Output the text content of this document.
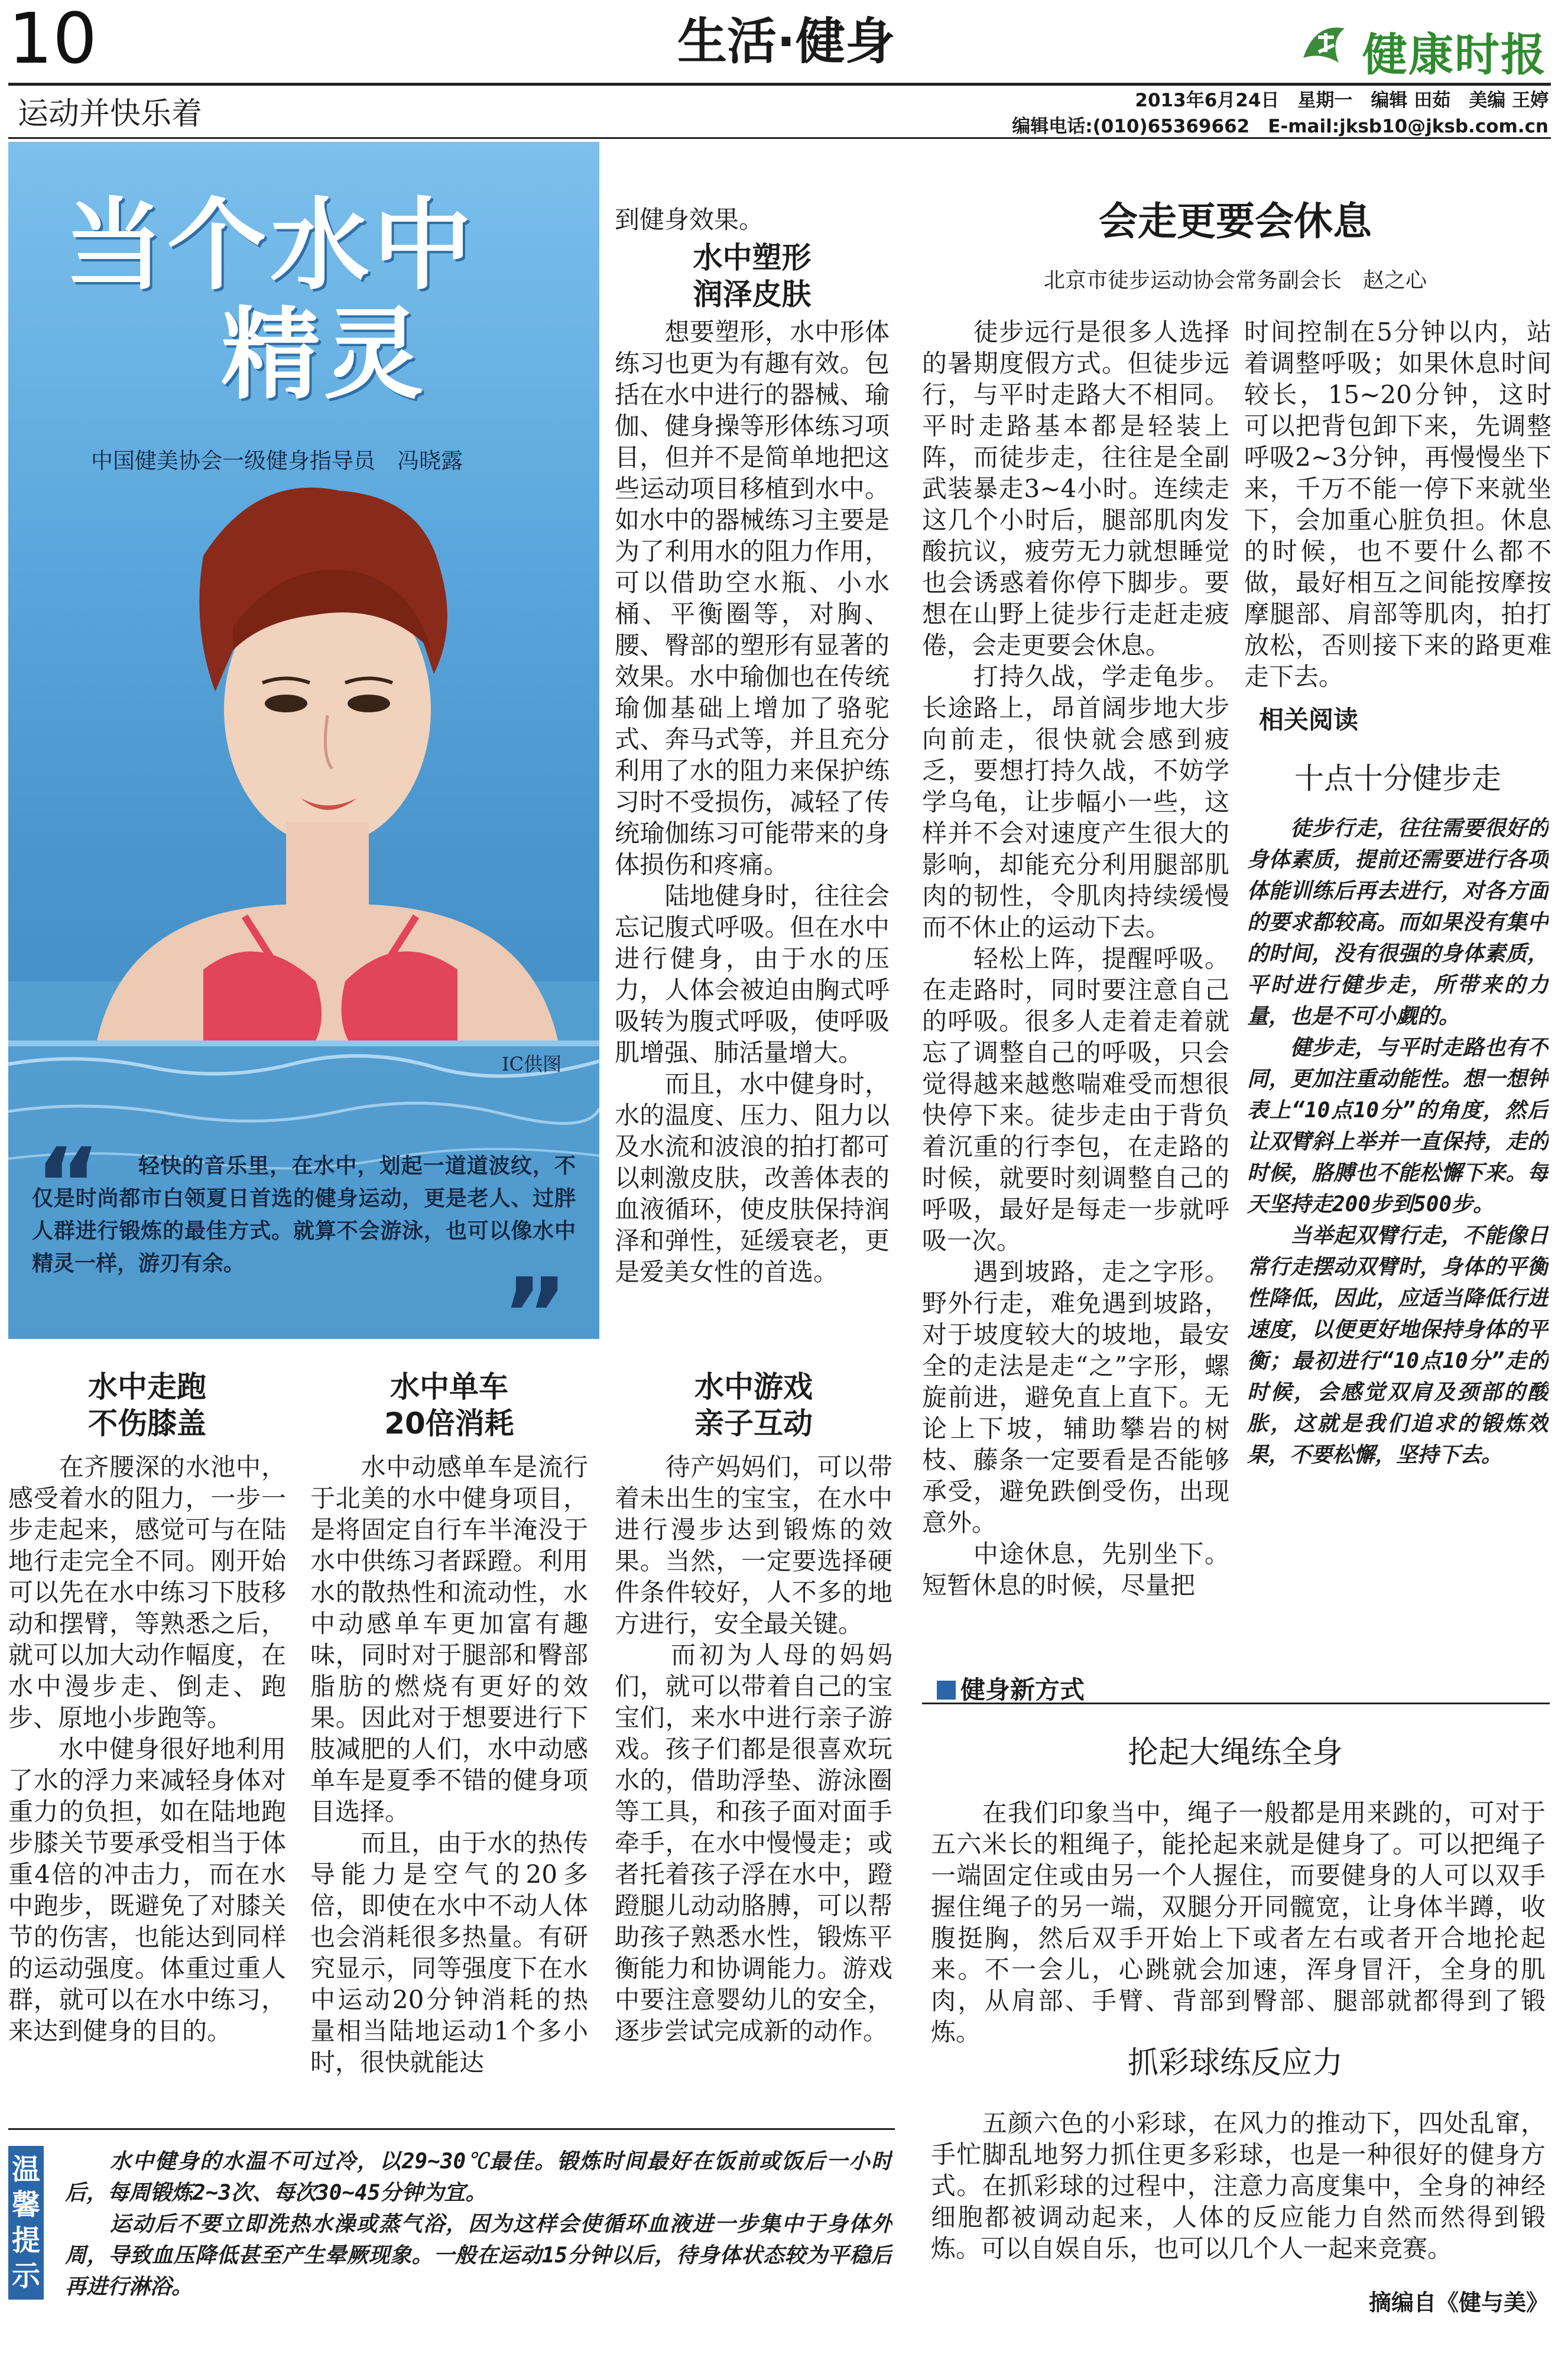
10	生活·健身	健康时报
运动并快乐着	2013年6月24日　星期一　编辑 田茹　美编 王婷
编辑电话:(010)65369662　E-mail:jksb10@jksb.com.cn
当个水中
精灵
中国健美协会一级健身指导员　冯晓露
IC供图
“	轻快的音乐里，在水中，划起一道道波纹，不仅是时尚都市白领夏日首选的健身运动，更是老人、过胖人群进行锻炼的最佳方式。就算不会游泳，也可以像水中精灵一样，游刃有余。	”
到健身效果。
水中塑形
润泽皮肤
　　想要塑形，水中形体练习也更为有趣有效。包括在水中进行的器械、瑜伽、健身操等形体练习项目，但并不是简单地把这些运动项目移植到水中。如水中的器械练习主要是为了利用水的阻力作用，可以借助空水瓶、小水桶、平衡圈等，对胸、腰、臀部的塑形有显著的效果。水中瑜伽也在传统瑜伽基础上增加了骆驼式、奔马式等，并且充分利用了水的阻力来保护练习时不受损伤，减轻了传统瑜伽练习可能带来的身体损伤和疼痛。
　　陆地健身时，往往会忘记腹式呼吸。但在水中进行健身，由于水的压力，人体会被迫由胸式呼吸转为腹式呼吸，使呼吸肌增强、肺活量增大。
　　而且，水中健身时，水的温度、压力、阻力以及水流和波浪的拍打都可以刺激皮肤，改善体表的血液循环，使皮肤保持润泽和弹性，延缓衰老，更是爱美女性的首选。
水中走跑
不伤膝盖
　　在齐腰深的水池中，感受着水的阻力，一步一步走起来，感觉可与在陆地行走完全不同。刚开始可以先在水中练习下肢移动和摆臂，等熟悉之后，就可以加大动作幅度，在水中漫步走、倒走、跑步、原地小步跑等。
　　水中健身很好地利用了水的浮力来减轻身体对重力的负担，如在陆地跑步膝关节要承受相当于体重4倍的冲击力，而在水中跑步，既避免了对膝关节的伤害，也能达到同样的运动强度。体重过重人群，就可以在水中练习，来达到健身的目的。
水中单车
20倍消耗
　　水中动感单车是流行于北美的水中健身项目，是将固定自行车半淹没于水中供练习者踩蹬。利用水的散热性和流动性，水中动感单车更加富有趣味，同时对于腿部和臀部脂肪的燃烧有更好的效果。因此对于想要进行下肢减肥的人们，水中动感单车是夏季不错的健身项目选择。
　　而且，由于水的热传导能力是空气的20多倍，即使在水中不动人体也会消耗很多热量。有研究显示，同等强度下在水中运动20分钟消耗的热量相当陆地运动1个多小时，很快就能达
水中游戏
亲子互动
　　待产妈妈们，可以带着未出生的宝宝，在水中进行漫步达到锻炼的效果。当然，一定要选择硬件条件较好，人不多的地方进行，安全最关键。
　　而初为人母的妈妈们，就可以带着自己的宝宝们，来水中进行亲子游戏。孩子们都是很喜欢玩水的，借助浮垫、游泳圈等工具，和孩子面对面手牵手，在水中慢慢走；或者托着孩子浮在水中，蹬蹬腿儿动动胳膊，可以帮助孩子熟悉水性，锻炼平衡能力和协调能力。游戏中要注意婴幼儿的安全，逐步尝试完成新的动作。
温馨提示
　　水中健身的水温不可过冷，以29~30℃最佳。锻炼时间最好在饭前或饭后一小时后，每周锻炼2~3次、每次30~45分钟为宜。
　　运动后不要立即洗热水澡或蒸气浴，因为这样会使循环血液进一步集中于身体外周，导致血压降低甚至产生晕厥现象。一般在运动15分钟以后，待身体状态较为平稳后再进行淋浴。
会走更要会休息
北京市徒步运动协会常务副会长　赵之心
　　徒步远行是很多人选择的暑期度假方式。但徒步远行，与平时走路大不相同。平时走路基本都是轻装上阵，而徒步走，往往是全副武装暴走3~4小时。连续走这几个小时后，腿部肌肉发酸抗议，疲劳无力就想睡觉也会诱惑着你停下脚步。要想在山野上徒步行走赶走疲倦，会走更要会休息。
　　打持久战，学走龟步。长途路上，昂首阔步地大步向前走，很快就会感到疲乏，要想打持久战，不妨学学乌龟，让步幅小一些，这样并不会对速度产生很大的影响，却能充分利用腿部肌肉的韧性，令肌肉持续缓慢而不休止的运动下去。
　　轻松上阵，提醒呼吸。在走路时，同时要注意自己的呼吸。很多人走着走着就忘了调整自己的呼吸，只会觉得越来越憋喘难受而想很快停下来。徒步走由于背负着沉重的行李包，在走路的时候，就要时刻调整自己的呼吸，最好是每走一步就呼吸一次。
　　遇到坡路，走之字形。野外行走，难免遇到坡路，对于坡度较大的坡地，最安全的走法是走“之”字形，螺旋前进，避免直上直下。无论上下坡，辅助攀岩的树枝、藤条一定要看是否能够承受，避免跌倒受伤，出现意外。
　　中途休息，先别坐下。短暂休息的时候，尽量把
时间控制在5分钟以内，站着调整呼吸；如果休息时间较长，15~20分钟，这时可以把背包卸下来，先调整呼吸2~3分钟，再慢慢坐下来，千万不能一停下来就坐下，会加重心脏负担。休息的时候，也不要什么都不做，最好相互之间能按摩按摩腿部、肩部等肌肉，拍打放松，否则接下来的路更难走下去。
相关阅读
十点十分健步走
　　徒步行走，往往需要很好的身体素质，提前还需要进行各项体能训练后再去进行，对各方面的要求都较高。而如果没有集中的时间，没有很强的身体素质，平时进行健步走，所带来的力量，也是不可小觑的。
　　健步走，与平时走路也有不同，更加注重动能性。想一想钟表上“10点10分”的角度，然后让双臂斜上举并一直保持，走的时候，胳膊也不能松懈下来。每天坚持走200步到500步。
　　当举起双臂行走，不能像日常行走摆动双臂时，身体的平衡性降低，因此，应适当降低行进速度，以便更好地保持身体的平衡；最初进行“10点10分”走的时候，会感觉双肩及颈部的酸胀，这就是我们追求的锻炼效果，不要松懈，坚持下去。
健身新方式
抡起大绳练全身
　　在我们印象当中，绳子一般都是用来跳的，可对于五六米长的粗绳子，能抡起来就是健身了。可以把绳子一端固定住或由另一个人握住，而要健身的人可以双手握住绳子的另一端，双腿分开同髋宽，让身体半蹲，收腹挺胸，然后双手开始上下或者左右或者开合地抡起来。不一会儿，心跳就会加速，浑身冒汗，全身的肌肉，从肩部、手臂、背部到臀部、腿部就都得到了锻炼。
抓彩球练反应力
　　五颜六色的小彩球，在风力的推动下，四处乱窜，手忙脚乱地努力抓住更多彩球，也是一种很好的健身方式。在抓彩球的过程中，注意力高度集中，全身的神经细胞都被调动起来，人体的反应能力自然而然得到锻炼。可以自娱自乐，也可以几个人一起来竞赛。
摘编自《健与美》
